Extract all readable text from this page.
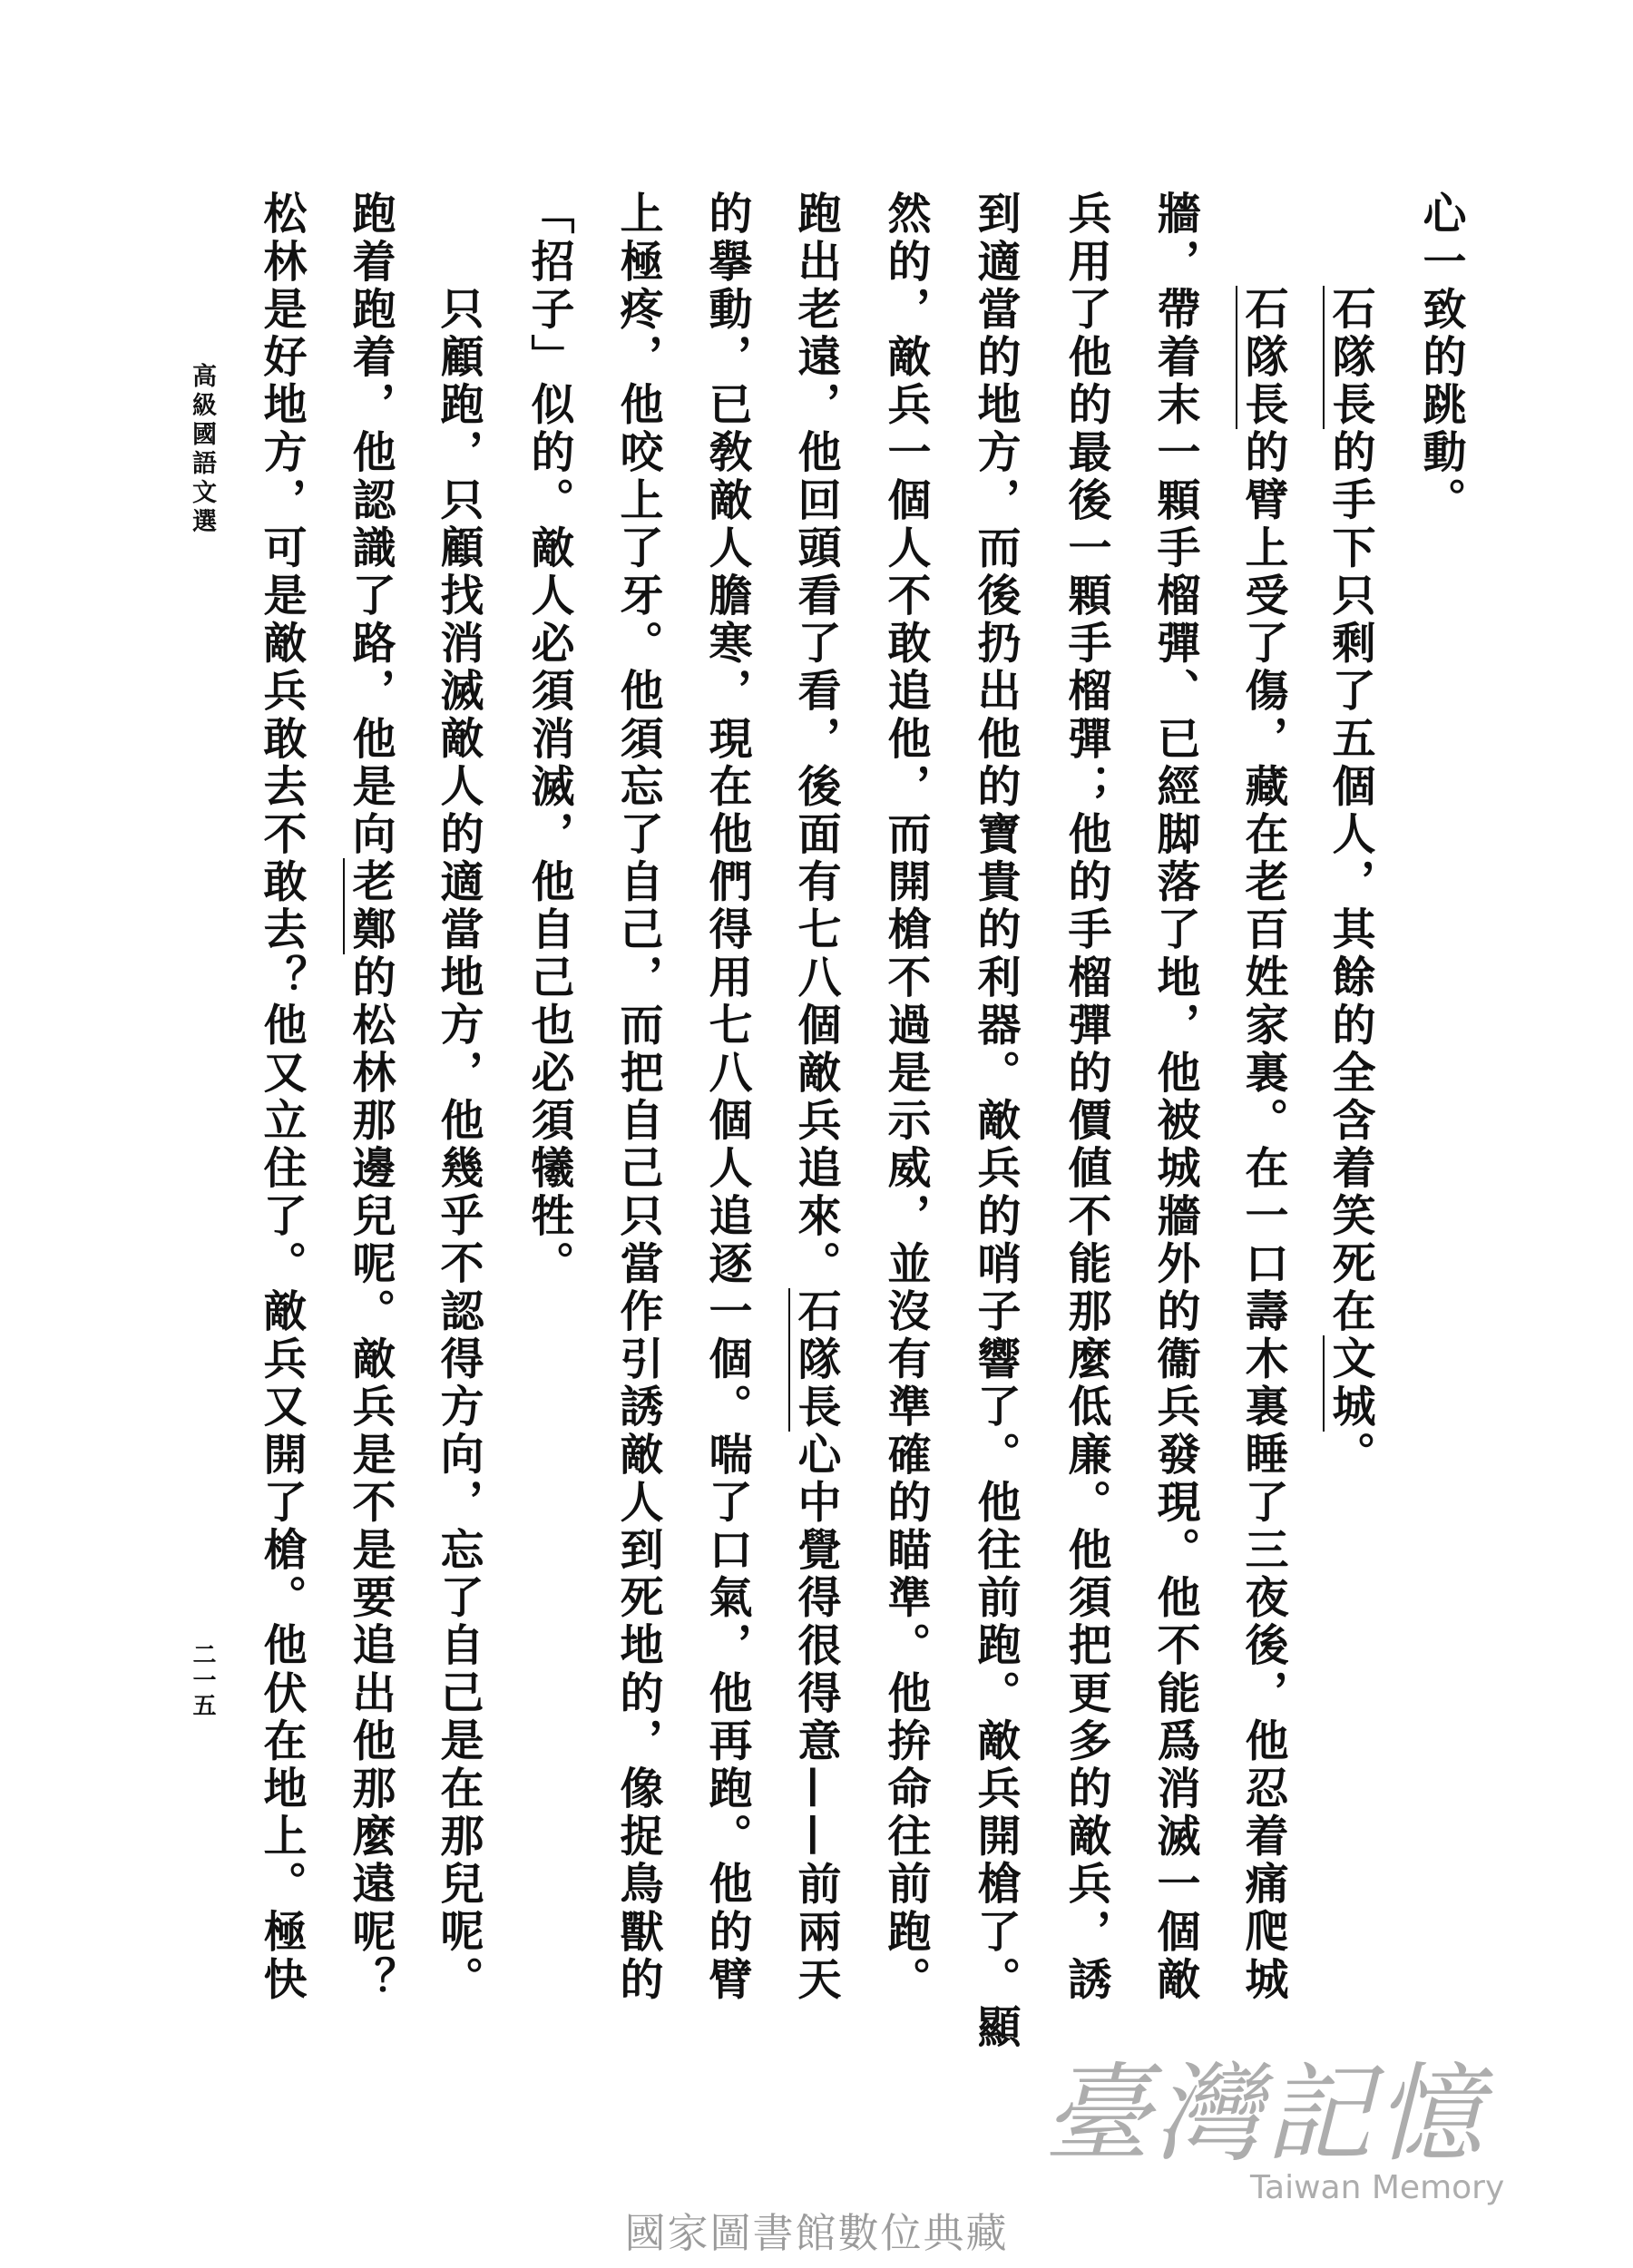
心一致的跳動。
石隊長的手下只剩了五個人，其餘的全含着笑死在文城。
石隊長的臂上受了傷，藏在老百姓家裏。在一口壽木裏睡了三夜後，他忍着痛爬城
牆，帶着末一顆手榴彈、已經脚落了地，他被城牆外的衞兵發現。他不能爲消滅一個敵
兵用了他的最後一顆手榴彈；他的手榴彈的價値不能那麼低廉。他須把更多的敵兵，誘
到適當的地方，而後扔出他的寶貴的利器。敵兵的哨子響了。他往前跑。敵兵開槍了。顯
然的，敵兵一個人不敢追他，而開槍不過是示威，並沒有準確的瞄準。他拚命往前跑。
跑出老遠，他回頭看了看，後面有七八個敵兵追來。石隊長心中覺得很得意——前兩天
的擧動，已敎敵人膽寒，現在他們得用七八個人追逐一個。喘了口氣，他再跑。他的臂
上極疼，他咬上了牙。他須忘了自己，而把自己只當作引誘敵人到死地的，像捉鳥獸的
「招子」似的。敵人必須消滅，他自己也必須犧牲。
只顧跑，只顧找消滅敵人的適當地方，他幾乎不認得方向，忘了自己是在那兒呢。
跑着跑着，他認識了路，他是向老鄭的松林那邊兒呢。敵兵是不是要追出他那麼遠呢？
松林是好地方，可是敵兵敢去不敢去？他又立住了。敵兵又開了槍。他伏在地上。極快
高級國語文選
二一五
臺灣記憶
Taiwan Memory
國家圖書館數位典藏
